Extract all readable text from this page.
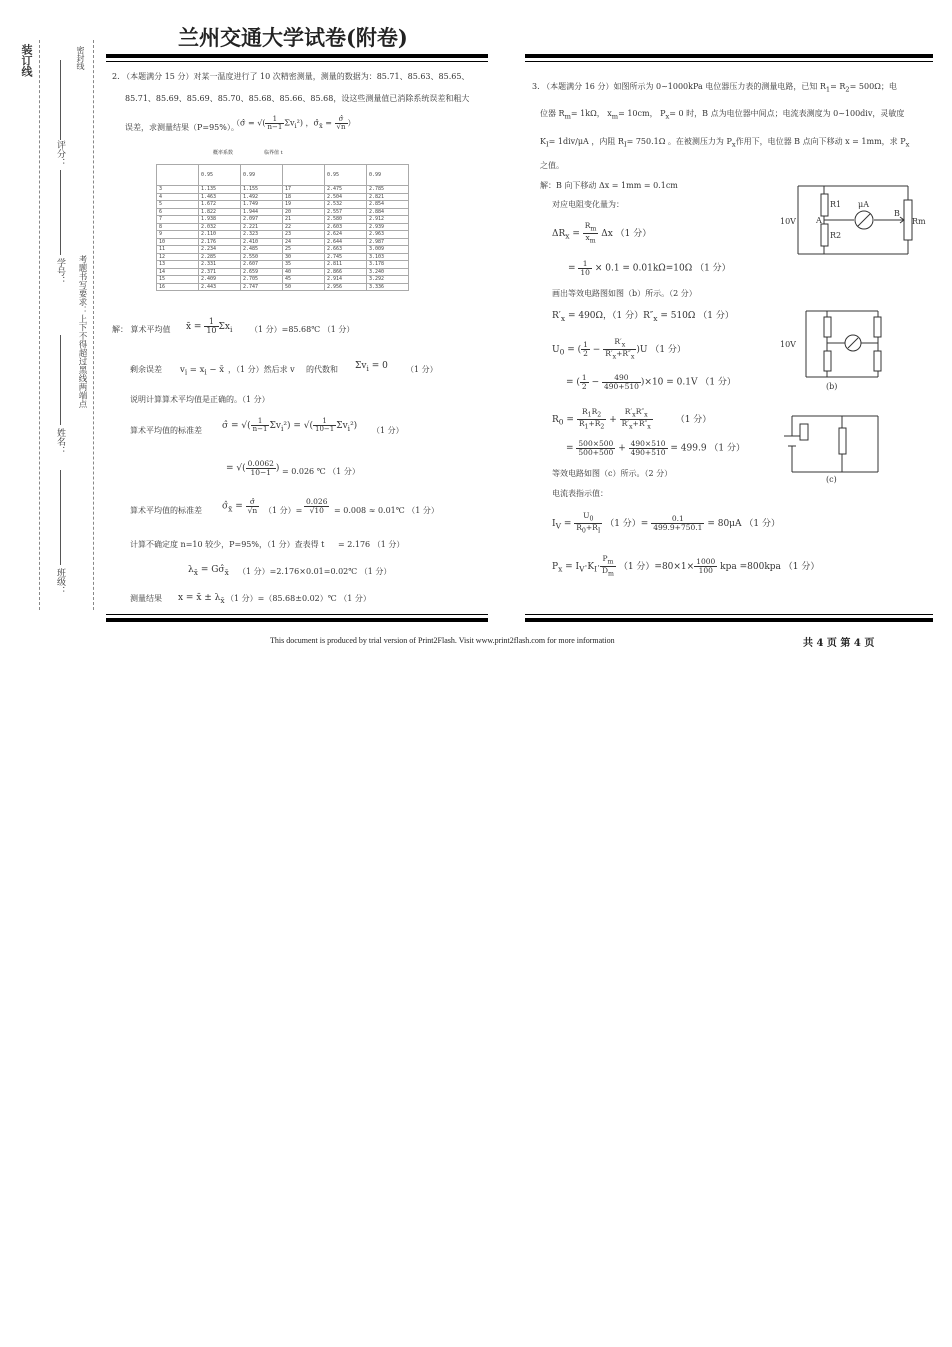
装订线	密封线
评分：
学号：
姓名：
班级：
考题书写要求：上下不得超过黑线两端点
兰州交通大学试卷(附卷)
2. （本题满分 15 分）对某一温度进行了 10 次精密测量，测量的数据为：85.71、85.63、85.65、
85.71、85.69、85.69、85.70、85.68、85.66、85.68，设这些测量值已消除系统误差和粗大
误差，求测量结果（P=95%）。
（σ̂ = √( $\frac{1}{n-1} \Sigma v_i^2$) ，$\sigmâ_{x̄} = \frac{\sigmâ}{√n}$ ）
概率系数	临界值 t
	0.95	0.99		0.95	0.99
3	1.135	1.155	17	2.475	2.785
4	1.463	1.492	18	2.504	2.821
5	1.672	1.749	19	2.532	2.854
6	1.822	1.944	20	2.557	2.884
7	1.938	2.097	21	2.580	2.912
8	2.032	2.221	22	2.603	2.939
9	2.110	2.323	23	2.624	2.963
10	2.176	2.410	24	2.644	2.987
11	2.234	2.485	25	2.663	3.009
12	2.285	2.550	30	2.745	3.103
13	2.331	2.607	35	2.811	3.178
14	2.371	2.659	40	2.866	3.240
15	2.409	2.705	45	2.914	3.292
16	2.443	2.747	50	2.956	3.336
解： 算术平均值 x̄ = $\frac{1}{10} \Sigma x_i$ （1 分）=85.68℃ （1 分）
剩余误差 $v_i = x_i$ − x̄ ，（1 分）然后求 v 的代数和 $\Sigma v_i = 0$ （1 分）
说明计算算术平均值是正确的。（1 分）
算术平均值的标准差 σ̂ = √( $\frac{1}{n-1} \Sigma v_i^2$) = √( $\frac{1}{10-1} \Sigma v_i^2$) （1 分）
= √( $\frac{0.0062}{10-1}$ ) = 0.026 ℃ （1 分）
算术平均值的标准差 $\sigmâ_{x̄} = \frac{\sigmâ}{√n} (1$ 分）= $\frac{0.026}{√10} = 0.008$ ≈ 0.01℃ （1 分）
计算不确定度 n=10 较少，P=95%，（1 分）查表得 t = 2.176 （1 分）
$\lambda_{x̄}$ = $G\sigmâ_{x̄}$ （1 分）=2.176×0.01=0.02℃ （1 分）
测量结果 x = x̄ ± $\lambda_{x̄}$ （1 分）=（85.68±0.02）℃ （1 分）
3. （本题满分 16 分）如图所示为 0~1000kPa 电位器压力表的测量电路，已知 $R_1= R_2= 500\Omega$；电
位器 $R_m= 1k\Omega$， $x_m= 10cm$， $P_x= 0$ 时，B 点为电位器中间点；电流表测度为 0~100div，灵敏度
$K_I= 1div/\mu A$ ，内阻 $R_I= 750.1\Omega$ 。在被测压力为 $P_x$作用下，电位器 B 点向下移动 x = 1mm，求 $P_x$
之值。
解：B 向下移动 Δx = 1mm = 0.1cm
对应电阻变化量为：
$\Delta R_x = \frac{R_m}{x_m}$ Δx （1 分）
= $\frac{1}{10} \times 0.1 = 0.01k\Omega=10\Omega$ （1 分）
画出等效电路图如图（b）所示。（2 分）
$R'_x = 490\Omega$，（1 分）$R''_x = 510\Omega$ （1 分）
$U_0$ = ( $\frac{1}{2} - \frac{R'_x}{R'_x+R''_x} )U$ （1 分）
= ( $\frac{1}{2} - \frac{490}{490+510} )\times 10 = 0.1V$ （1 分）
$R_0 = \frac{R_1R_2}{R_1+R_2} + \frac{R'_xR''_x}{R'_x+R''_x}$	（1 分）
= $\frac{500\times 500}{500+500} + \frac{490\times 510}{490+510} = 499.9$ （1 分）
等效电路如图（c）所示。（2 分）
电流表指示值：
$I_V = \frac{U_0}{R_0+R_I} (1$ 分）= $\frac{0.1}{499.9+750.1} = 80\mu A$ （1 分）
$P_x = I_V\cdot K_I\cdot \frac{P_m}{D_m} (1$ 分）$=80\times 1\times \frac{1000}{100}$ kpa =800kpa （1 分）
10V	A
B
R1
R2
Rm
μA
10V
(b)
(c)
This document is produced by trial version of Print2Flash. Visit www.print2flash.com for more information	共 4 页 第 4 页
